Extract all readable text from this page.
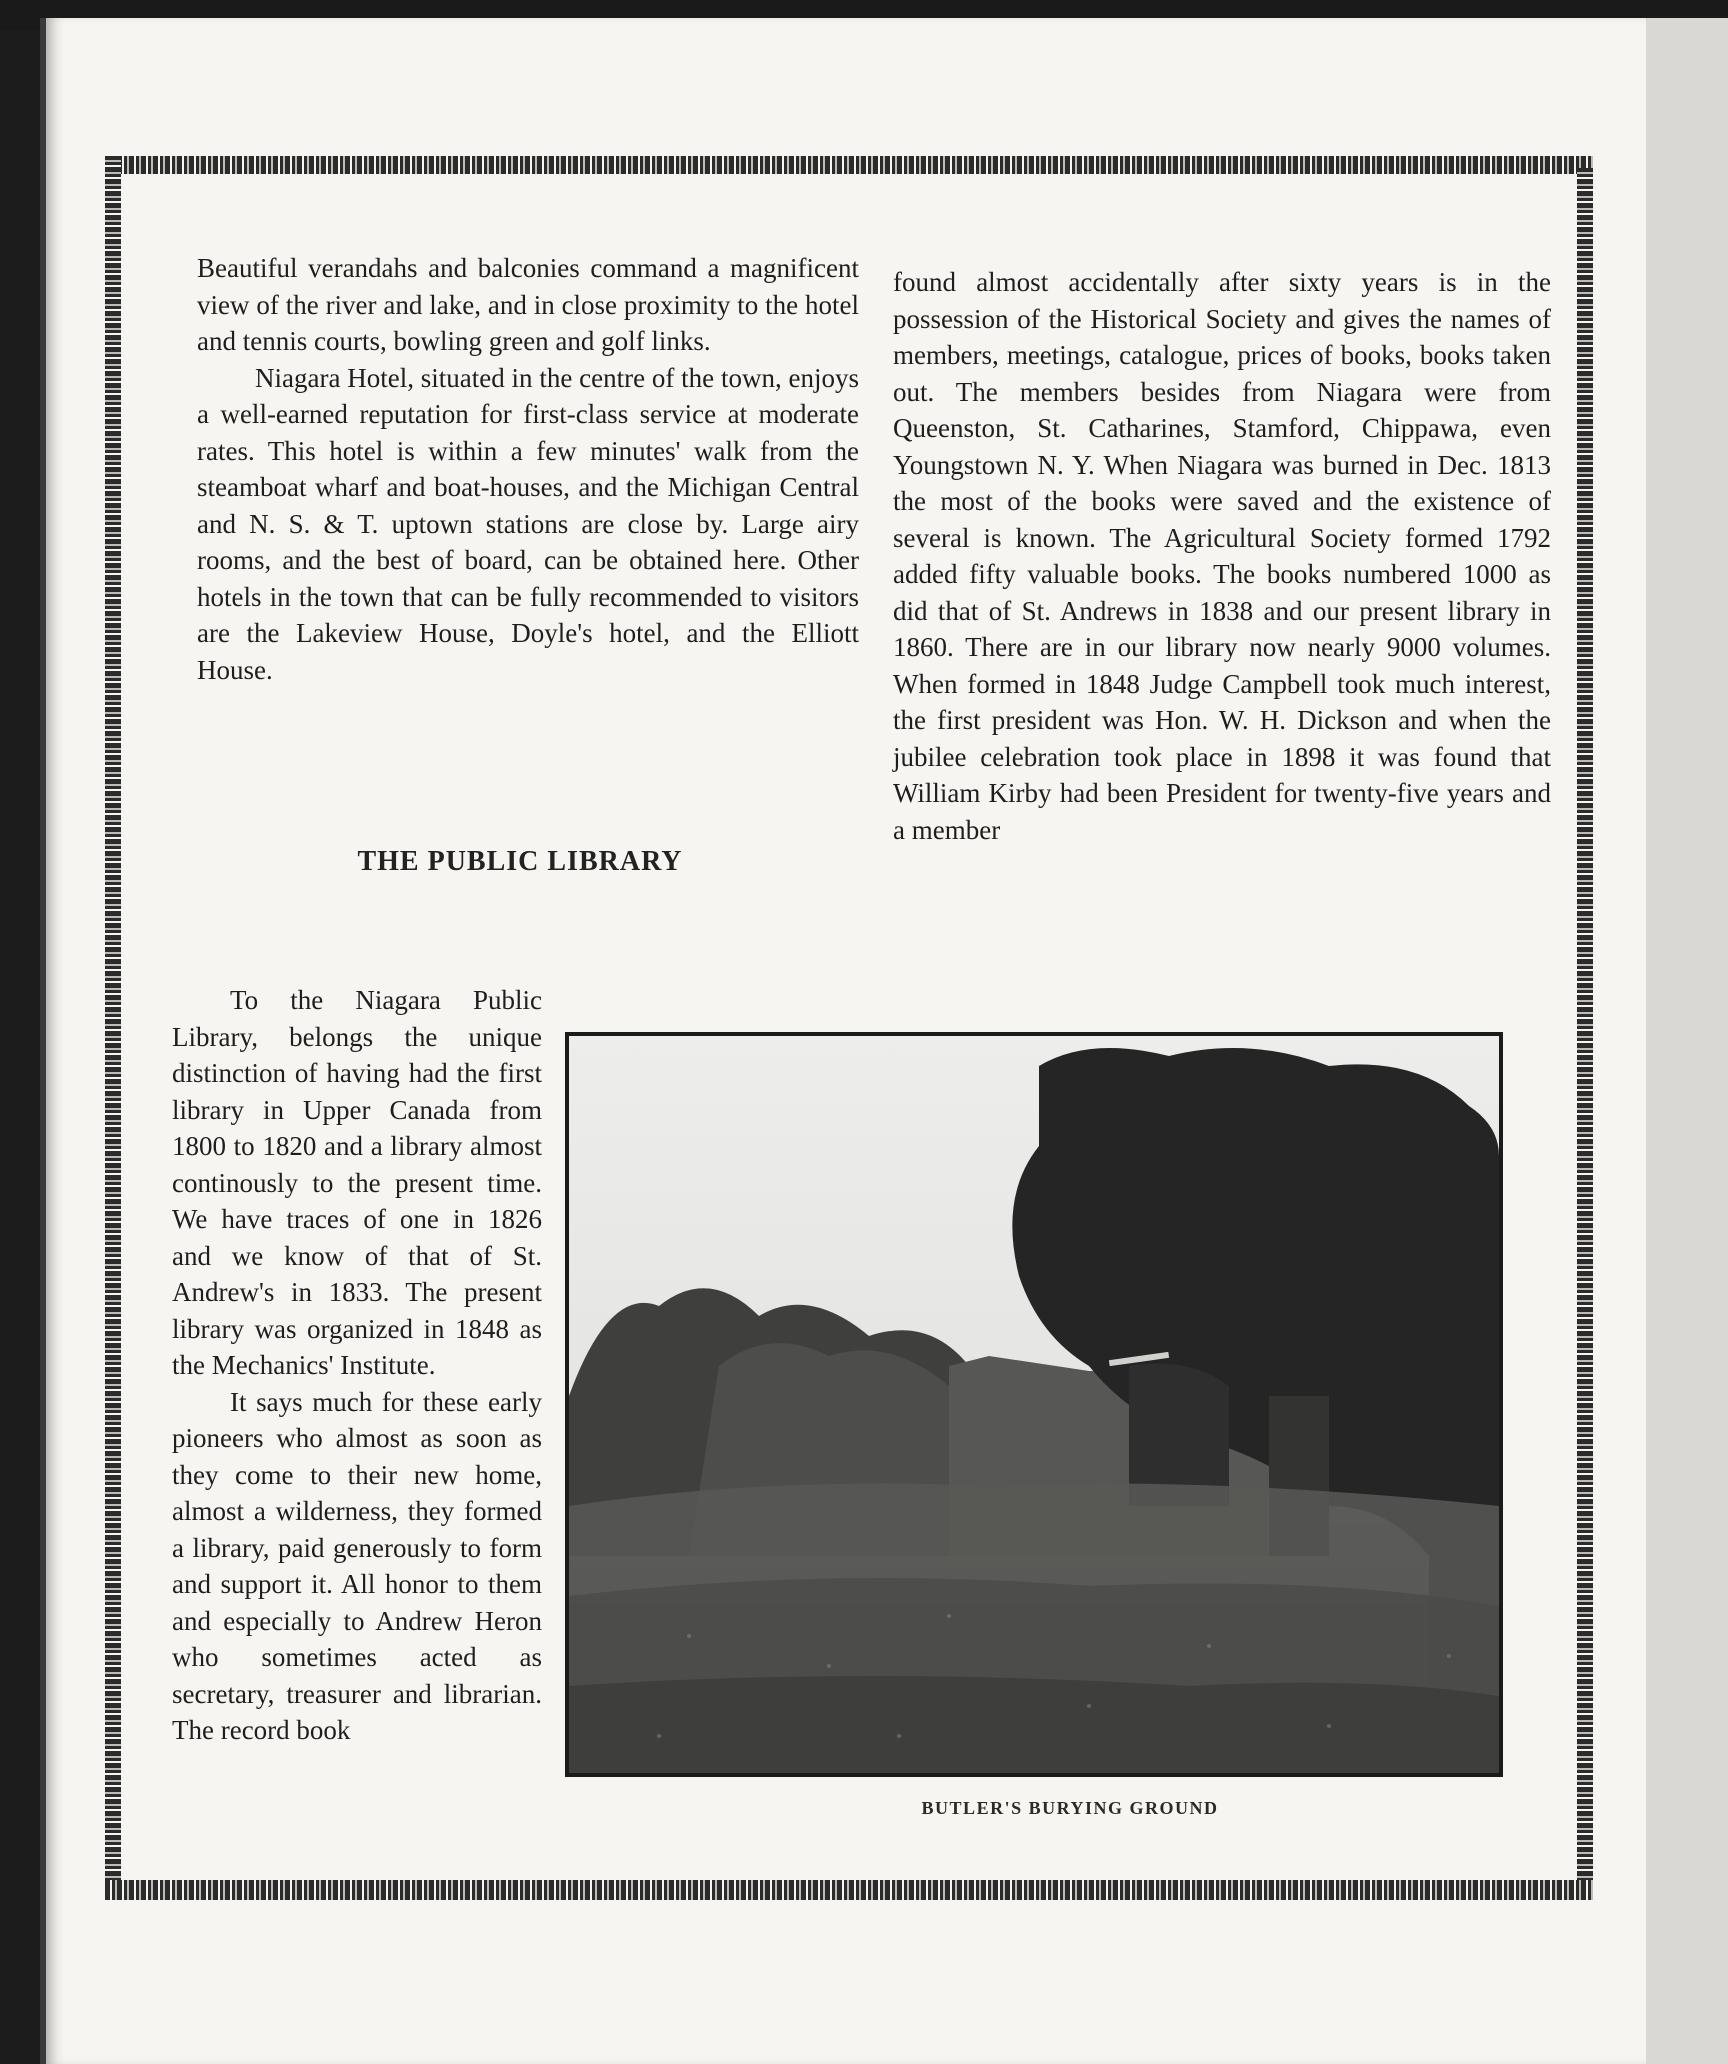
Beautiful verandahs and balconies command a magnificent view of the river and lake, and in close proximity to the hotel and tennis courts, bowling green and golf links.

Niagara Hotel, situated in the centre of the town, enjoys a well-earned reputation for first-class service at moderate rates. This hotel is within a few minutes' walk from the steamboat wharf and boat-houses, and the Michigan Central and N. S. & T. uptown stations are close by. Large airy rooms, and the best of board, can be obtained here. Other hotels in the town that can be fully recommended to visitors are the Lakeview House, Doyle's hotel, and the Elliott House.

THE PUBLIC LIBRARY

To the Niagara Public Library, belongs the unique distinction of having had the first library in Upper Canada from 1800 to 1820 and a library almost continously to the present time. We have traces of one in 1826 and we know of that of St. Andrew's in 1833. The present library was organized in 1848 as the Mechanics' Institute.

It says much for these early pioneers who almost as soon as they come to their new home, almost a wilderness, they formed a library, paid generously to form and support it. All honor to them and especially to Andrew Heron who sometimes acted as secretary, treasurer and librarian. The record book

found almost accidentally after sixty years is in the possession of the Historical Society and gives the names of members, meetings, catalogue, prices of books, books taken out. The members besides from Niagara were from Queenston, St. Catharines, Stamford, Chippawa, even Youngstown N. Y. When Niagara was burned in Dec. 1813 the most of the books were saved and the existence of several is known. The Agricultural Society formed 1792 added fifty valuable books. The books numbered 1000 as did that of St. Andrews in 1838 and our present library in 1860. There are in our library now nearly 9000 volumes. When formed in 1848 Judge Campbell took much interest, the first president was Hon. W. H. Dickson and when the jubilee celebration took place in 1898 it was found that William Kirby had been President for twenty-five years and a member

BUTLER'S BURYING GROUND
